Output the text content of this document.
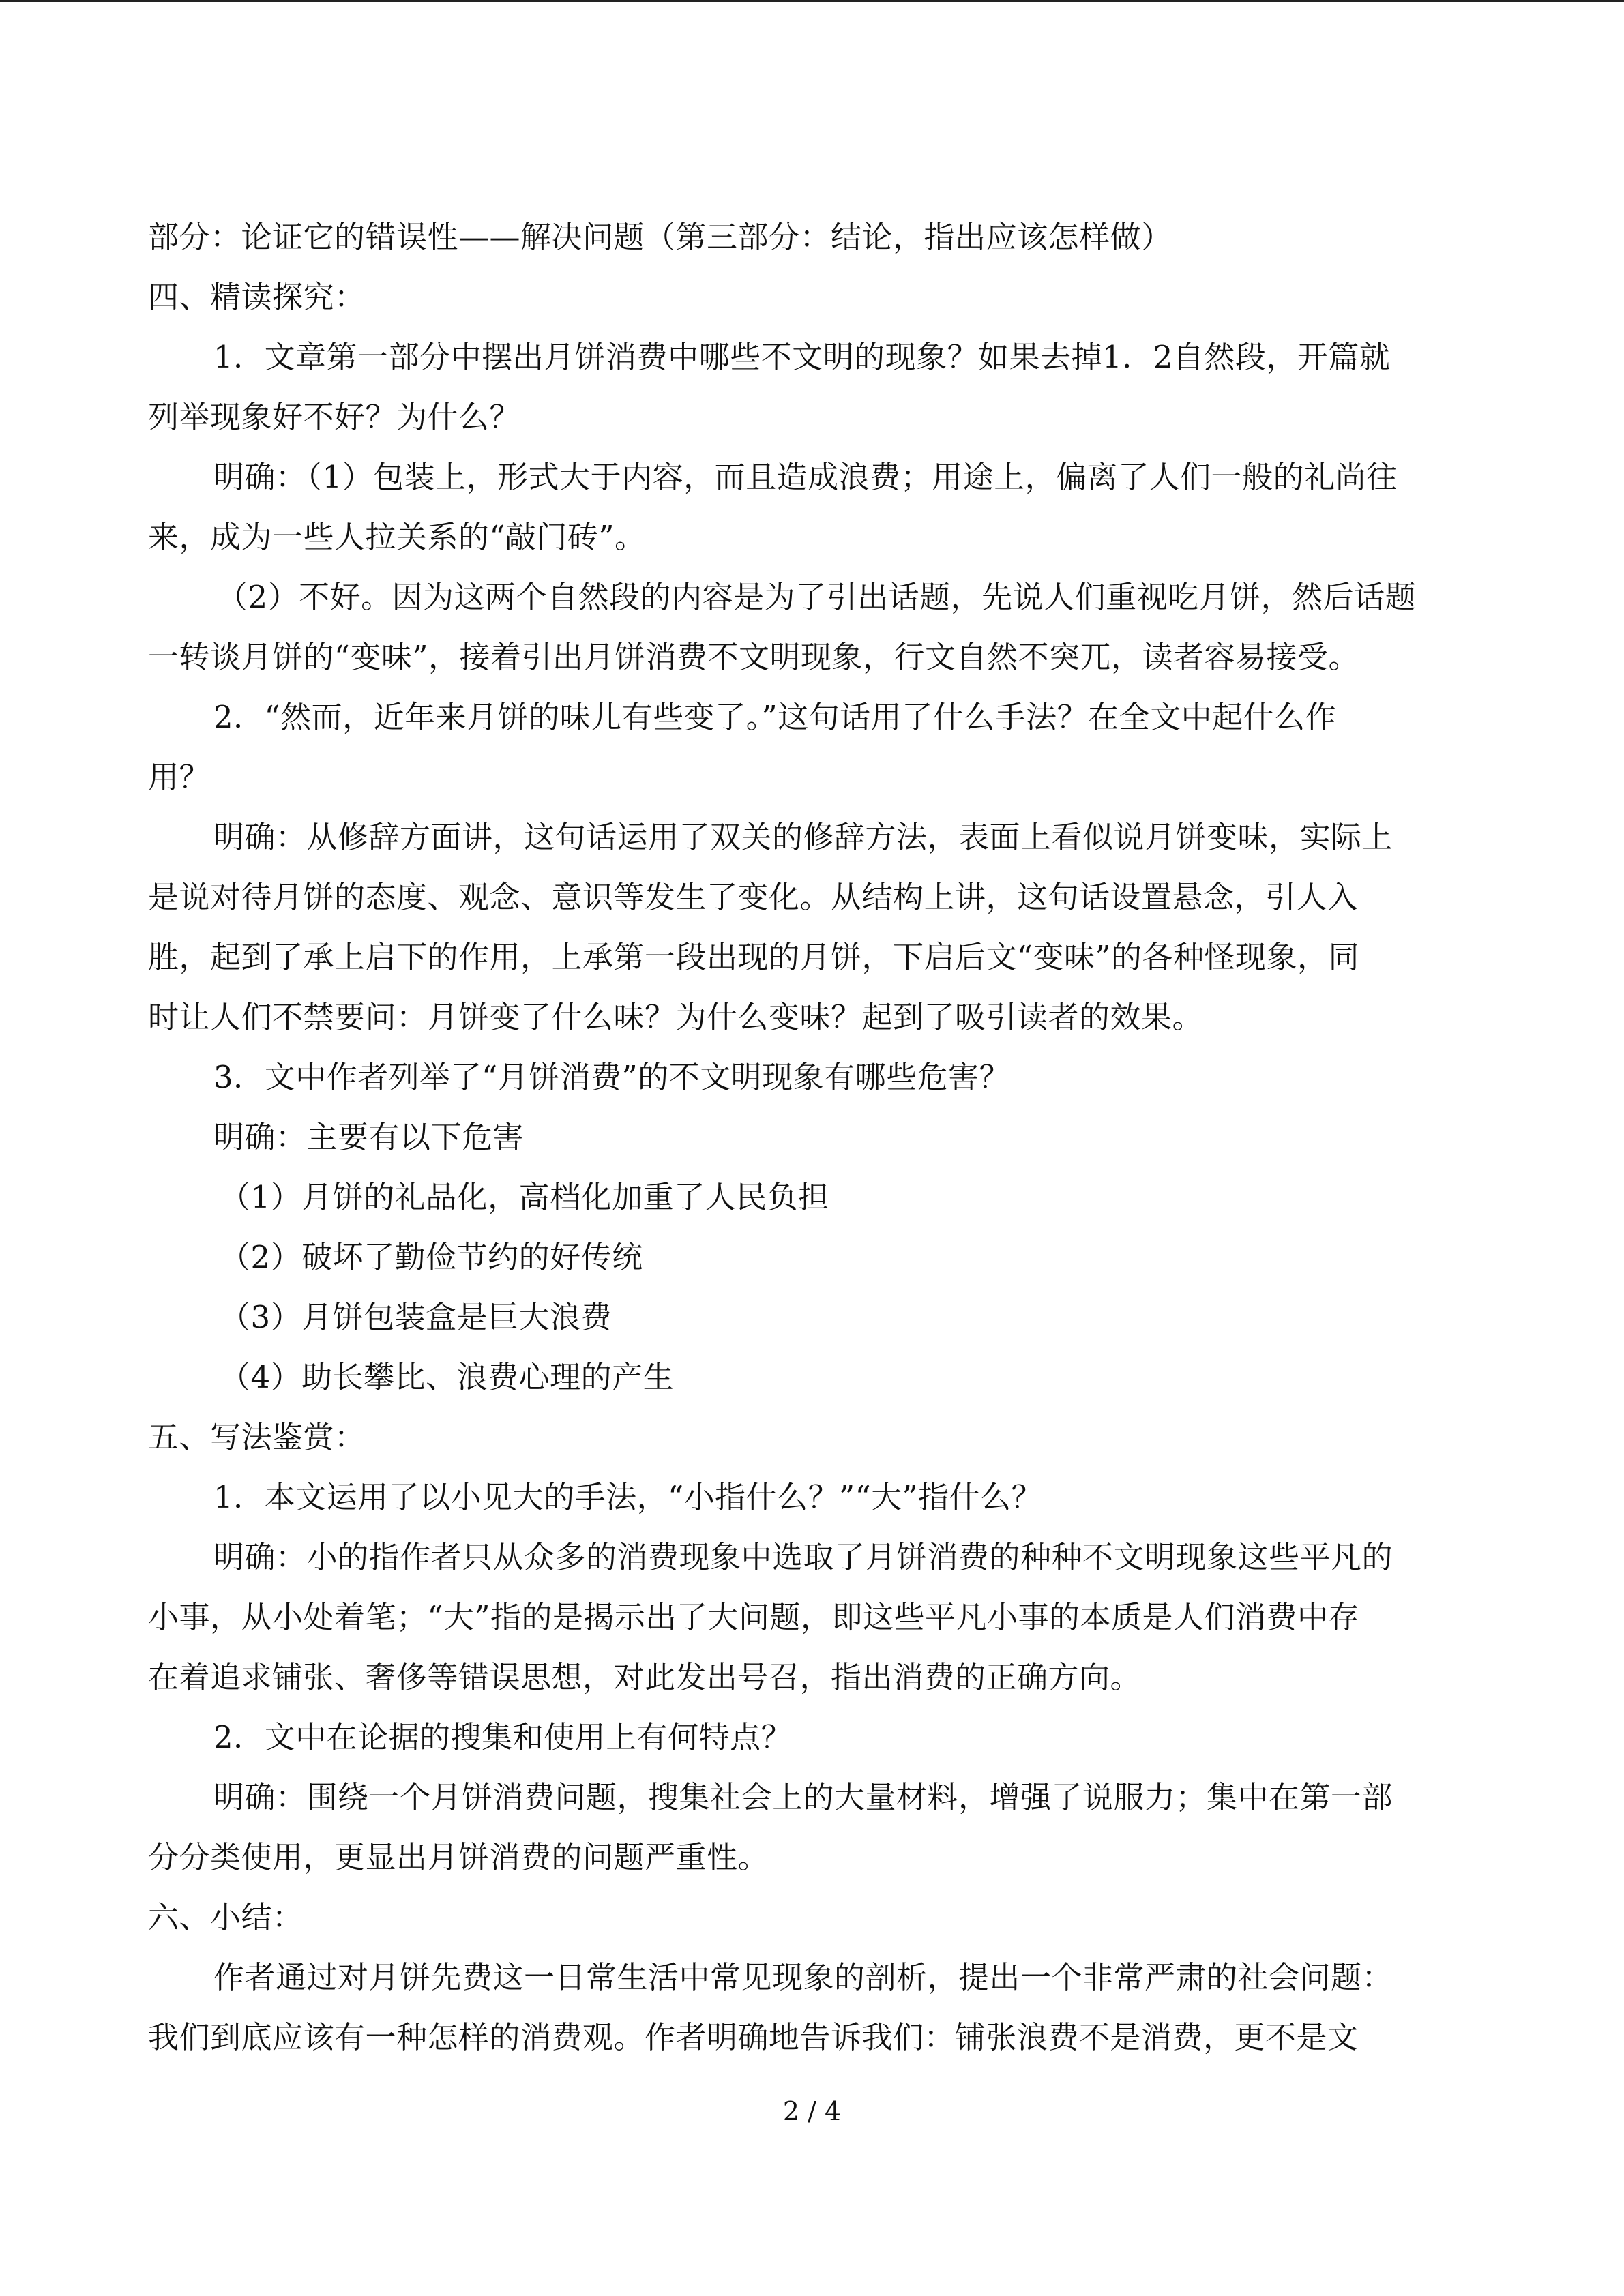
部分：论证它的错误性——解决问题（第三部分：结论，指出应该怎样做）
四、精读探究：
1．文章第一部分中摆出月饼消费中哪些不文明的现象？如果去掉1．2自然段，开篇就
列举现象好不好？为什么？
明确：（1）包装上，形式大于内容，而且造成浪费；用途上，偏离了人们一般的礼尚往
来，成为一些人拉关系的“敲门砖”。
（2）不好。因为这两个自然段的内容是为了引出话题，先说人们重视吃月饼，然后话题
一转谈月饼的“变味”，接着引出月饼消费不文明现象，行文自然不突兀，读者容易接受。
2．“然而，近年来月饼的味儿有些变了。”这句话用了什么手法？在全文中起什么作
用？
明确：从修辞方面讲，这句话运用了双关的修辞方法，表面上看似说月饼变味，实际上
是说对待月饼的态度、观念、意识等发生了变化。从结构上讲，这句话设置悬念，引人入
胜，起到了承上启下的作用，上承第一段出现的月饼，下启后文“变味”的各种怪现象，同
时让人们不禁要问：月饼变了什么味？为什么变味？起到了吸引读者的效果。
3．文中作者列举了“月饼消费”的不文明现象有哪些危害？
明确：主要有以下危害
（1）月饼的礼品化，高档化加重了人民负担
（2）破坏了勤俭节约的好传统
（3）月饼包装盒是巨大浪费
（4）助长攀比、浪费心理的产生
五、写法鉴赏：
1．本文运用了以小见大的手法，“小指什么？”“大”指什么？
明确：小的指作者只从众多的消费现象中选取了月饼消费的种种不文明现象这些平凡的
小事，从小处着笔；“大”指的是揭示出了大问题，即这些平凡小事的本质是人们消费中存
在着追求铺张、奢侈等错误思想，对此发出号召，指出消费的正确方向。
2．文中在论据的搜集和使用上有何特点？
明确：围绕一个月饼消费问题，搜集社会上的大量材料，增强了说服力；集中在第一部
分分类使用，更显出月饼消费的问题严重性。
六、小结：
作者通过对月饼先费这一日常生活中常见现象的剖析，提出一个非常严肃的社会问题：
我们到底应该有一种怎样的消费观。作者明确地告诉我们：铺张浪费不是消费，更不是文
2 / 4
